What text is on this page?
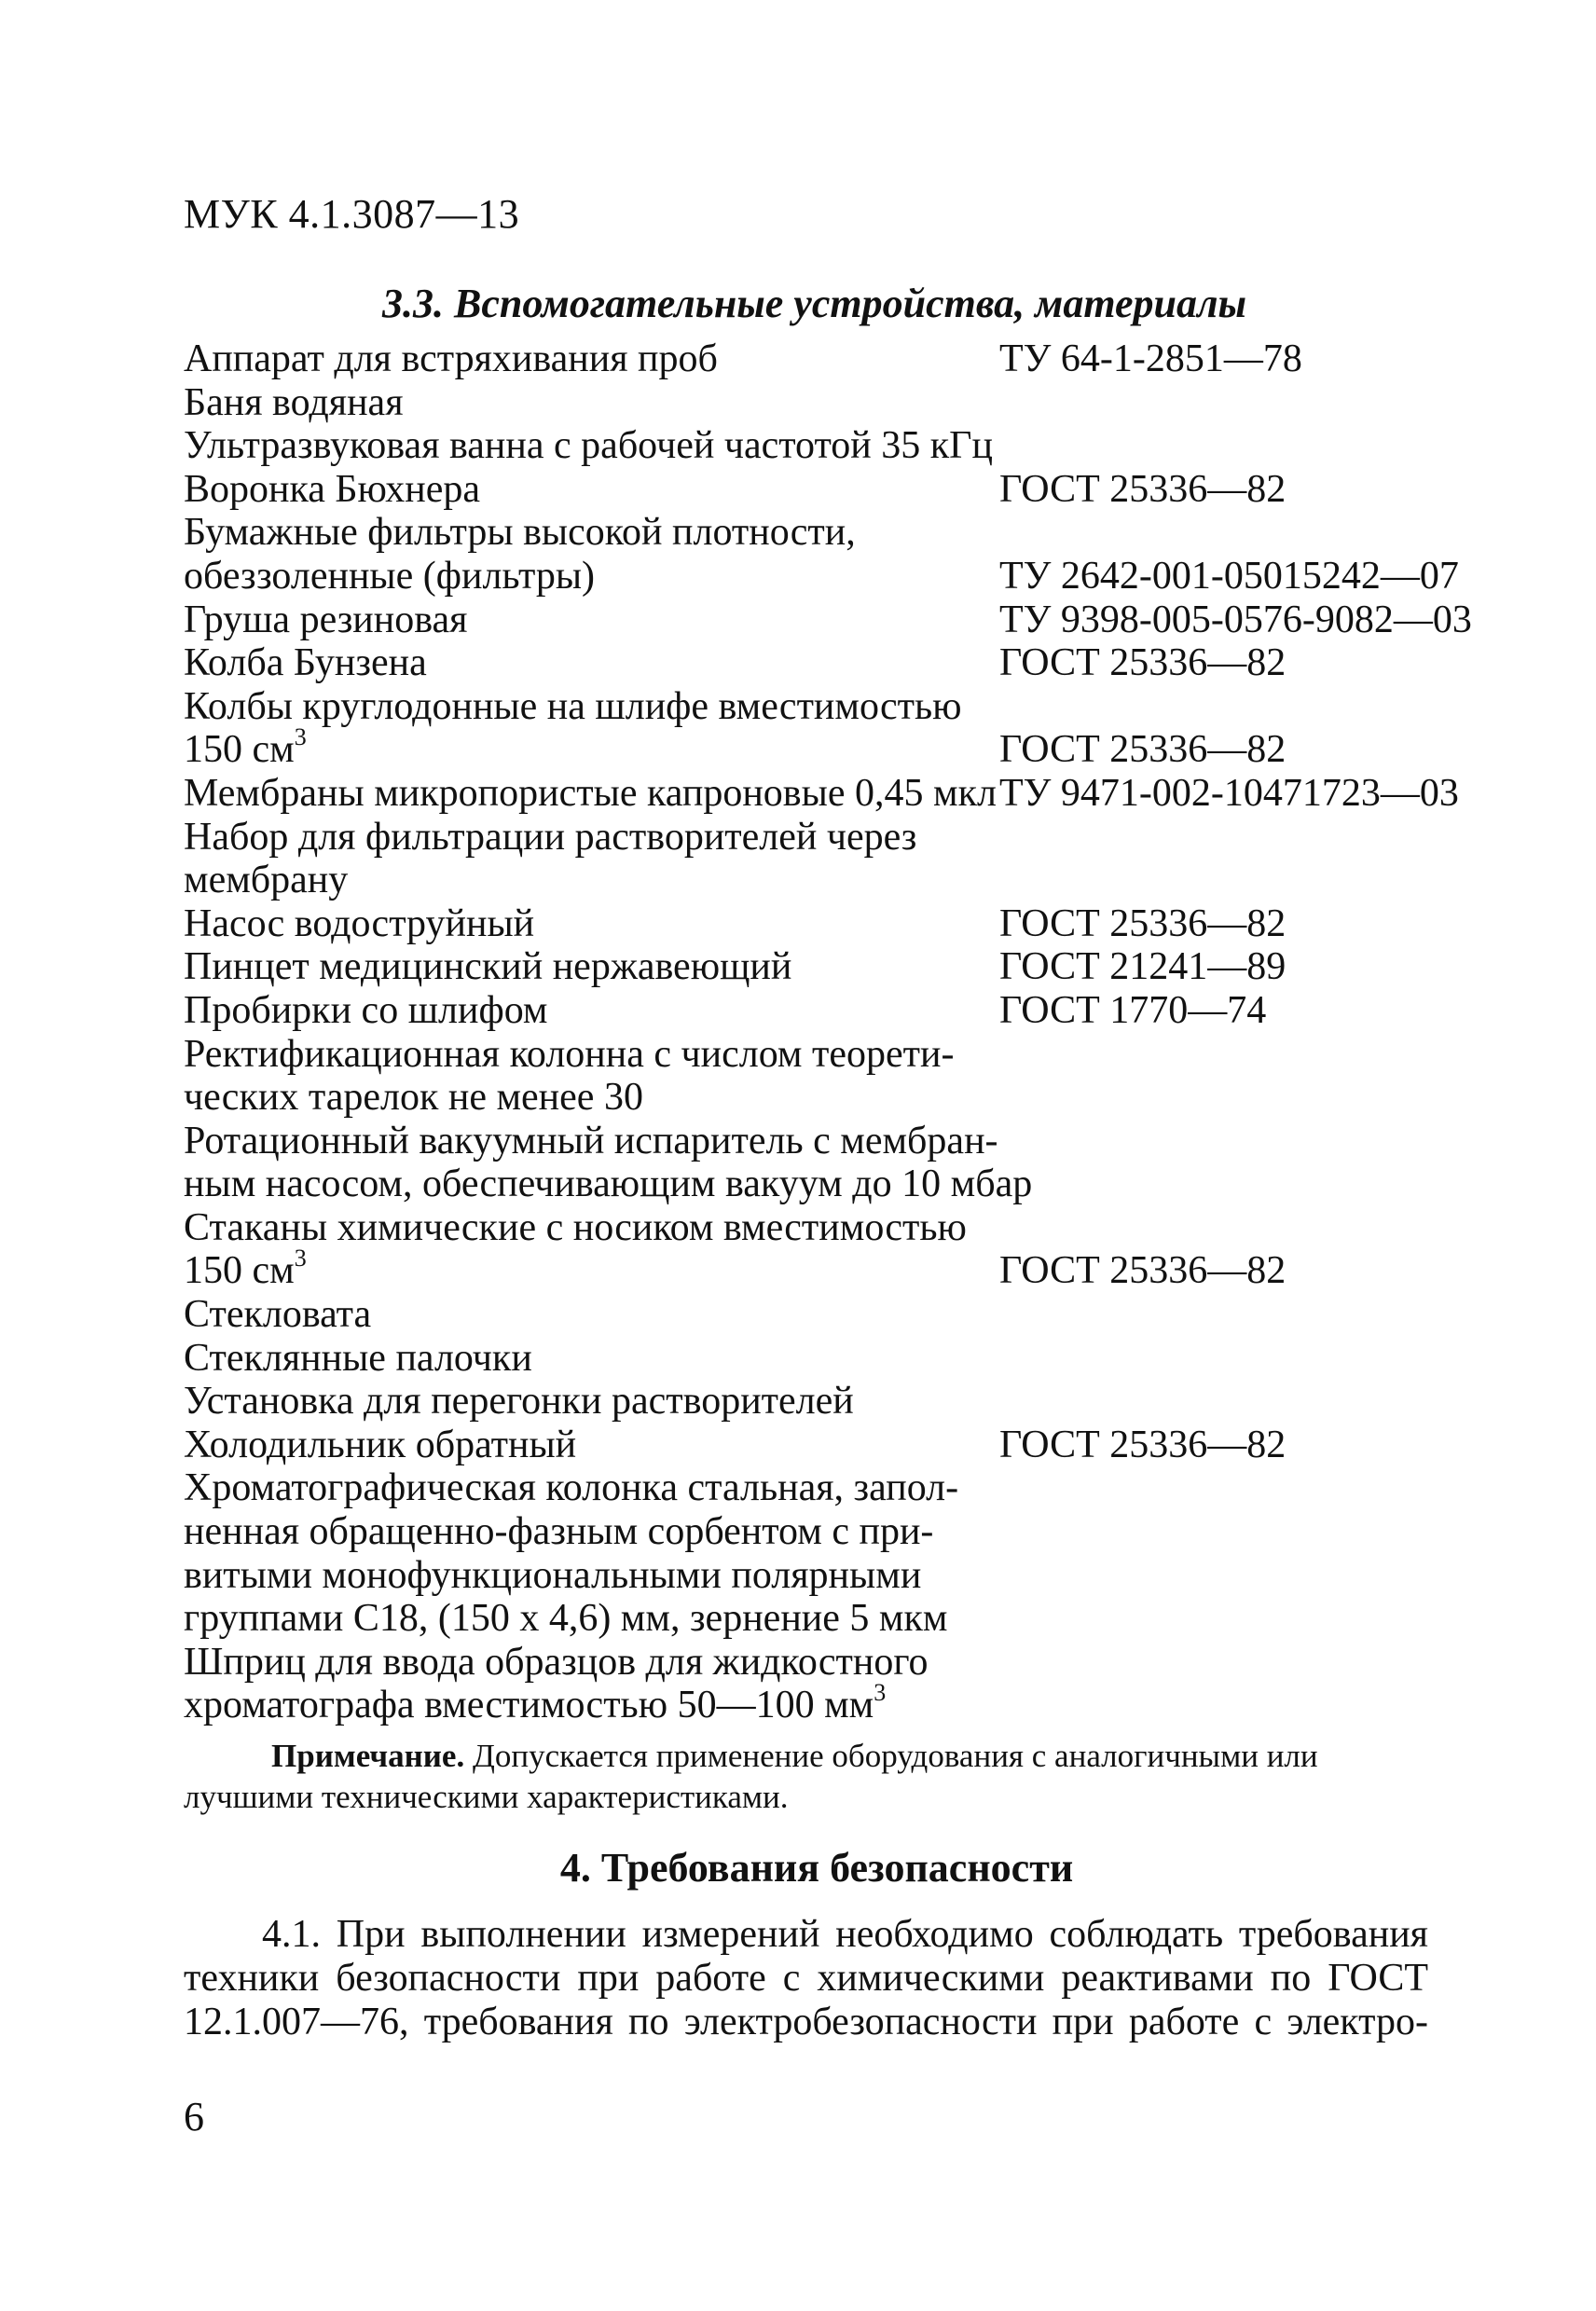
МУК 4.1.3087—13
3.3. Вспомогательные устройства, материалы
Аппарат для встряхивания проб	ТУ 64-1-2851—78
Баня водяная
Ультразвуковая ванна с рабочей частотой 35 кГц
Воронка Бюхнера	ГОСТ 25336—82
Бумажные фильтры высокой плотности,
обеззоленные (фильтры)	ТУ 2642-001-05015242—07
Груша резиновая	ТУ 9398-005-0576-9082—03
Колба Бунзена	ГОСТ 25336—82
Колбы круглодонные на шлифе вместимостью
150 $см^3$	ГОСТ 25336—82
Мембраны микропористые капроновые 0,45 мкл ТУ 9471-002-10471723—03
Набор для фильтрации растворителей через
мембрану
Насос водоструйный	ГОСТ 25336—82
Пинцет медицинский нержавеющий	ГОСТ 21241—89
Пробирки со шлифом	ГОСТ 1770—74
Ректификационная колонна с числом теорети-
ческих тарелок не менее 30
Ротационный вакуумный испаритель с мембран-
ным насосом, обеспечивающим вакуум до 10 мбар
Стаканы химические с носиком вместимостью
150 $см^3$	ГОСТ 25336—82
Стекловата
Стеклянные палочки
Установка для перегонки растворителей
Холодильник обратный	ГОСТ 25336—82
Хроматографическая колонка стальная, запол-
ненная обращенно-фазным сорбентом с при-
витыми монофункциональными полярными
группами С18, (150 х 4,6) мм, зернение 5 мкм
Шприц для ввода образцов для жидкостного
хроматографа вместимостью 50—100 $мм^3$
Примечание. Допускается применение оборудования с аналогичными или
лучшими техническими характеристиками.
4. Требования безопасности
4.1. При выполнении измерений необходимо соблюдать требования
техники безопасности при работе с химическими реактивами по ГОСТ
12.1.007—76, требования по электробезопасности при работе с электро-
6
